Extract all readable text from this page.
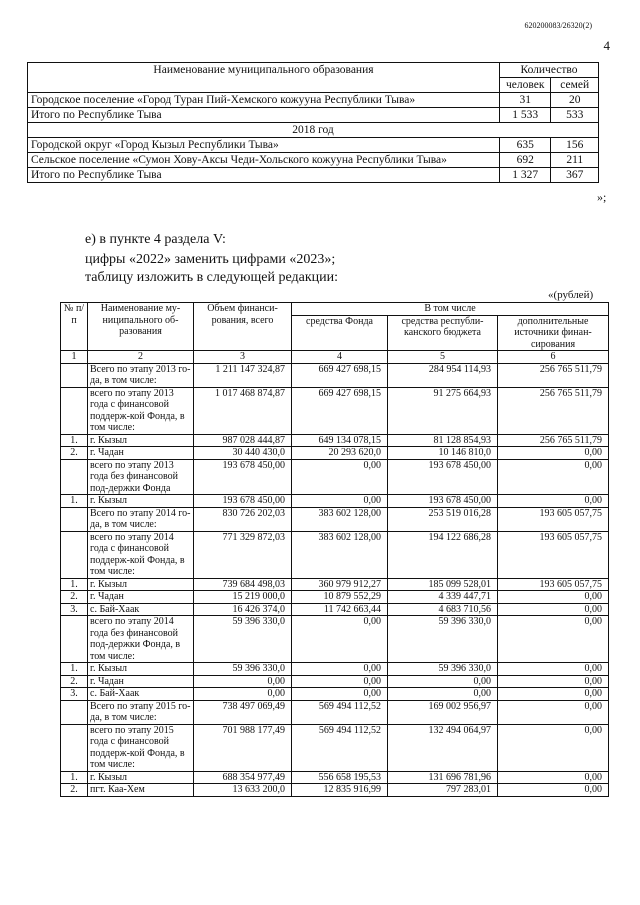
620200083/26320(2)
4
Наименование муниципального образования	Количество	
	человек	семей
Городское поселение «Город Туран Пий-Хемского кожууна Республики Тыва»	31	20
Итого по Республике Тыва	1 533	533
2018 год		
Городской округ «Город Кызыл Республики Тыва»	635	156
Сельское поселение «Сумон Хову-Аксы Чеди-Хольского кожууна Республики Тыва»	692	211
Итого по Республике Тыва	1 327	367
»;
е) в пункте 4 раздела V:
цифры «2022» заменить цифрами «2023»;
таблицу изложить в следующей редакции:
«(рублей)
№ п/п	Наименование му-ниципального об-разования	Объем финанси-рования, всего	В том числе		
			средства Фонда	средства республи-канского бюджета	дополнительные источники финан-сирования
1	2	3	4	5	6
	Всего по этапу 2013 го-да, в том числе:	1 211 147 324,87	669 427 698,15	284 954 114,93	256 765 511,79
	всего по этапу 2013 года с финансовой поддерж-кой Фонда, в том числе:	1 017 468 874,87	669 427 698,15	91 275 664,93	256 765 511,79
1.	г. Кызыл	987 028 444,87	649 134 078,15	81 128 854,93	256 765 511,79
2.	г. Чадан	30 440 430,0	20 293 620,0	10 146 810,0	0,00
	всего по этапу 2013 года без финансовой под-держки Фонда	193 678 450,00	0,00	193 678 450,00	0,00
1.	г. Кызыл	193 678 450,00	0,00	193 678 450,00	0,00
	Всего по этапу 2014 го-да, в том числе:	830 726 202,03	383 602 128,00	253 519 016,28	193 605 057,75
	всего по этапу 2014 года с финансовой поддерж-кой Фонда, в том числе:	771 329 872,03	383 602 128,00	194 122 686,28	193 605 057,75
1.	г. Кызыл	739 684 498,03	360 979 912,27	185 099 528,01	193 605 057,75
2.	г. Чадан	15 219 000,0	10 879 552,29	4 339 447,71	0,00
3.	с. Бай-Хаак	16 426 374,0	11 742 663,44	4 683 710,56	0,00
	всего по этапу 2014 года без финансовой под-держки Фонда, в том числе:	59 396 330,0	0,00	59 396 330,0	0,00
1.	г. Кызыл	59 396 330,0	0,00	59 396 330,0	0,00
2.	г. Чадан	0,00	0,00	0,00	0,00
3.	с. Бай-Хаак	0,00	0,00	0,00	0,00
	Всего по этапу 2015 го-да, в том числе:	738 497 069,49	569 494 112,52	169 002 956,97	0,00
	всего по этапу 2015 года с финансовой поддерж-кой Фонда, в том числе:	701 988 177,49	569 494 112,52	132 494 064,97	0,00
1.	г. Кызыл	688 354 977,49	556 658 195,53	131 696 781,96	0,00
2.	пгт. Каа-Хем	13 633 200,0	12 835 916,99	797 283,01	0,00
